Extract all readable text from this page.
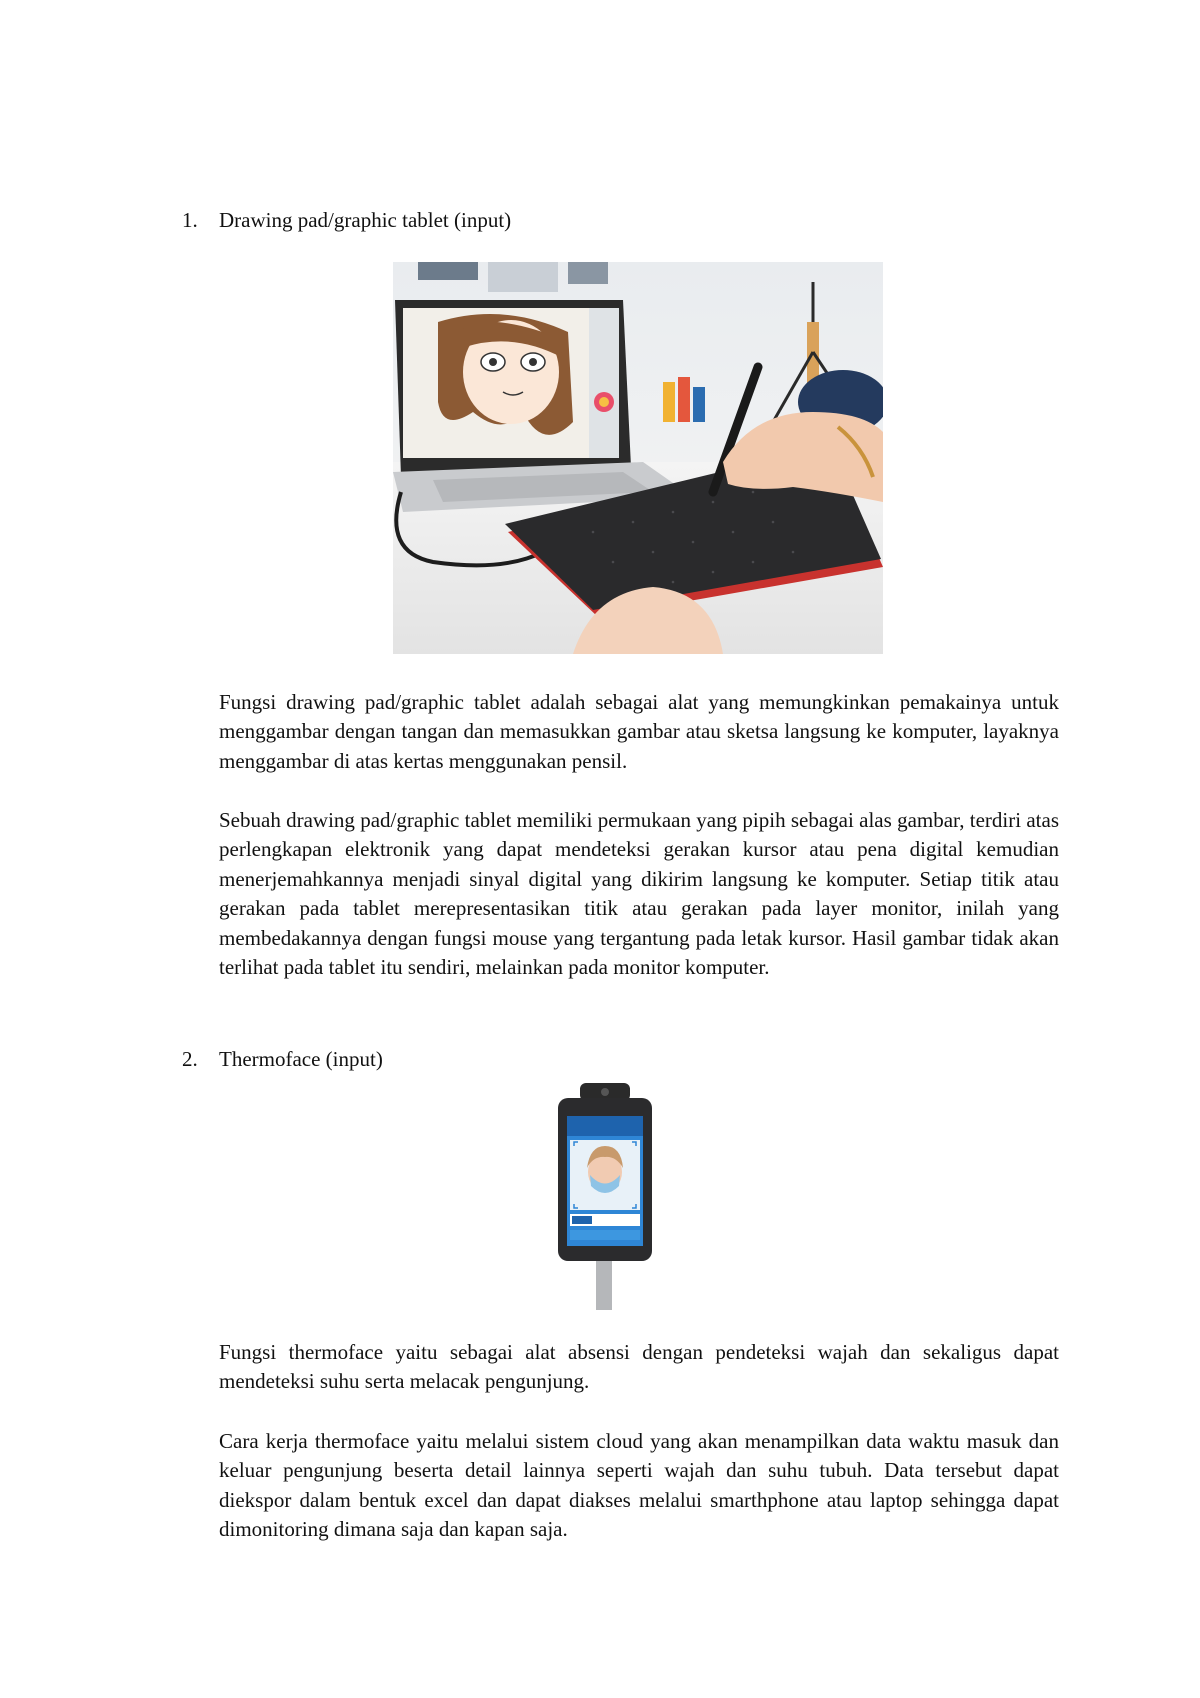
1.	Drawing pad/graphic tablet (input)

Fungsi drawing pad/graphic tablet adalah sebagai alat yang memungkinkan pemakainya untuk menggambar dengan tangan dan memasukkan gambar atau sketsa langsung ke komputer, layaknya menggambar di atas kertas menggunakan pensil.

Sebuah drawing pad/graphic tablet memiliki permukaan yang pipih sebagai alas gambar, terdiri atas perlengkapan elektronik yang dapat mendeteksi gerakan kursor atau pena digital kemudian menerjemahkannya menjadi sinyal digital yang dikirim langsung ke komputer. Setiap titik atau gerakan pada tablet merepresentasikan titik atau gerakan pada layer monitor, inilah yang membedakannya dengan fungsi mouse yang tergantung pada letak kursor. Hasil gambar tidak akan terlihat pada tablet itu sendiri, melainkan pada monitor komputer.

2.	Thermoface (input)

Fungsi thermoface yaitu sebagai alat absensi dengan pendeteksi wajah dan sekaligus dapat mendeteksi suhu serta melacak pengunjung.

Cara kerja thermoface yaitu melalui sistem cloud yang akan menampilkan data waktu masuk dan keluar pengunjung beserta detail lainnya seperti wajah dan suhu tubuh. Data tersebut dapat diekspor dalam bentuk excel dan dapat diakses melalui smarthphone atau laptop sehingga dapat dimonitoring dimana saja dan kapan saja.
